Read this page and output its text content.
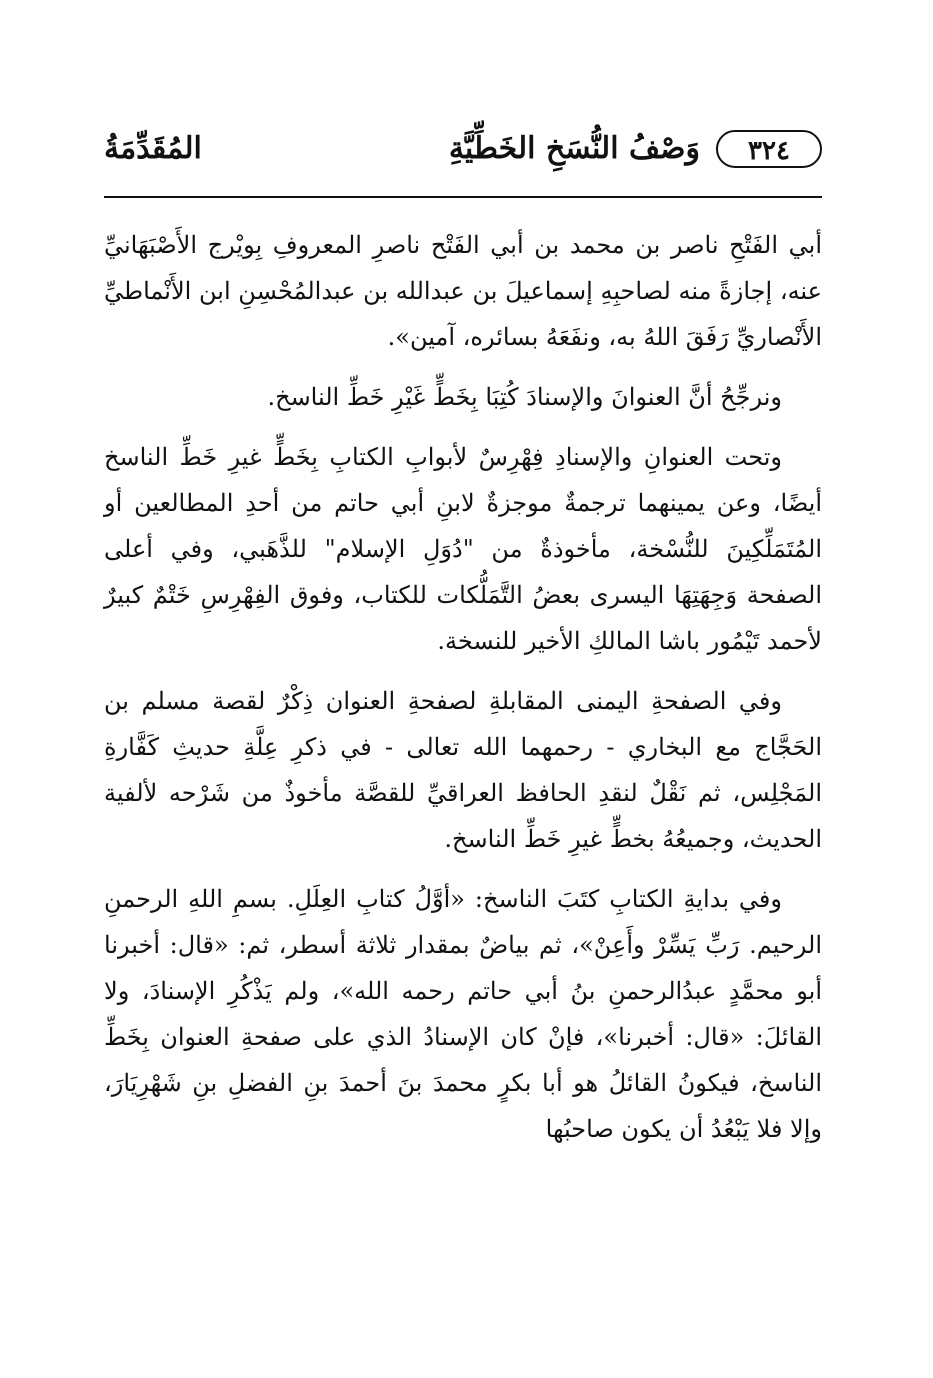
٣٢٤
وَصْفُ النُّسَخِ الخَطِّيَّةِ
المُقَدِّمَةُ

أبي الفَتْحِ ناصر بن محمد بن أبي الفَتْح ناصرِ المعروفِ بِويْرج الأَصْبَهَانيِّ عنه، إجازةً منه لصاحبِهِ إسماعيلَ بن عبدالله بن عبدالمُحْسِنِ ابن الأَنْماطيِّ الأَنْصاريِّ رَفَقَ اللهُ به، ونفَعَهُ بسائره، آمين».

ونرجِّحُ أنَّ العنوانَ والإسنادَ كُتِبَا بِخَطٍّ غَيْرِ خَطِّ الناسخ.

وتحت العنوانِ والإسنادِ فِهْرِسٌ لأبوابِ الكتابِ بِخَطٍّ غيرِ خَطِّ الناسخ أيضًا، وعن يمينهما ترجمةٌ موجزةٌ لابنِ أبي حاتم من أحدِ المطالعين أو المُتَمَلِّكِينَ للنُّسْخة، مأخوذةٌ من "دُوَلِ الإسلام" للذَّهَبي، وفي أعلى الصفحة وَجِهَتِهَا اليسرى بعضُ التَّمَلُّكات للكتاب، وفوق الفِهْرِسِ خَتْمٌ كبيرٌ لأحمد تَيْمُور باشا المالكِ الأخير للنسخة.

وفي الصفحةِ اليمنى المقابلةِ لصفحةِ العنوان ذِكْرٌ لقصة مسلم بن الحَجَّاج مع البخاري - رحمهما الله تعالى - في ذكرِ عِلَّةِ حديثِ كَفَّارةِ المَجْلِس، ثم نَقْلٌ لنقدِ الحافظ العراقيِّ للقصَّة مأخوذٌ من شَرْحه لألفية الحديث، وجميعُهُ بخطٍّ غيرِ خَطِّ الناسخ.

وفي بدايةِ الكتابِ كتَبَ الناسخ: «أوَّلُ كتابِ العِلَلِ. بسمِ اللهِ الرحمنِ الرحيم. رَبِّ يَسِّرْ وأَعِنْ»، ثم بياضٌ بمقدار ثلاثة أسطر، ثم: «قال: أخبرنا أبو محمَّدٍ عبدُالرحمنِ بنُ أبي حاتم رحمه الله»، ولم يَذْكُرِ الإسنادَ، ولا القائلَ: «قال: أخبرنا»، فإنْ كان الإسنادُ الذي على صفحةِ العنوان بِخَطِّ الناسخ، فيكونُ القائلُ هو أبا بكرٍ محمدَ بنَ أحمدَ بنِ الفضلِ بنِ شَهْرِيَارَ، وإلا فلا يَبْعُدُ أن يكون صاحبُها
